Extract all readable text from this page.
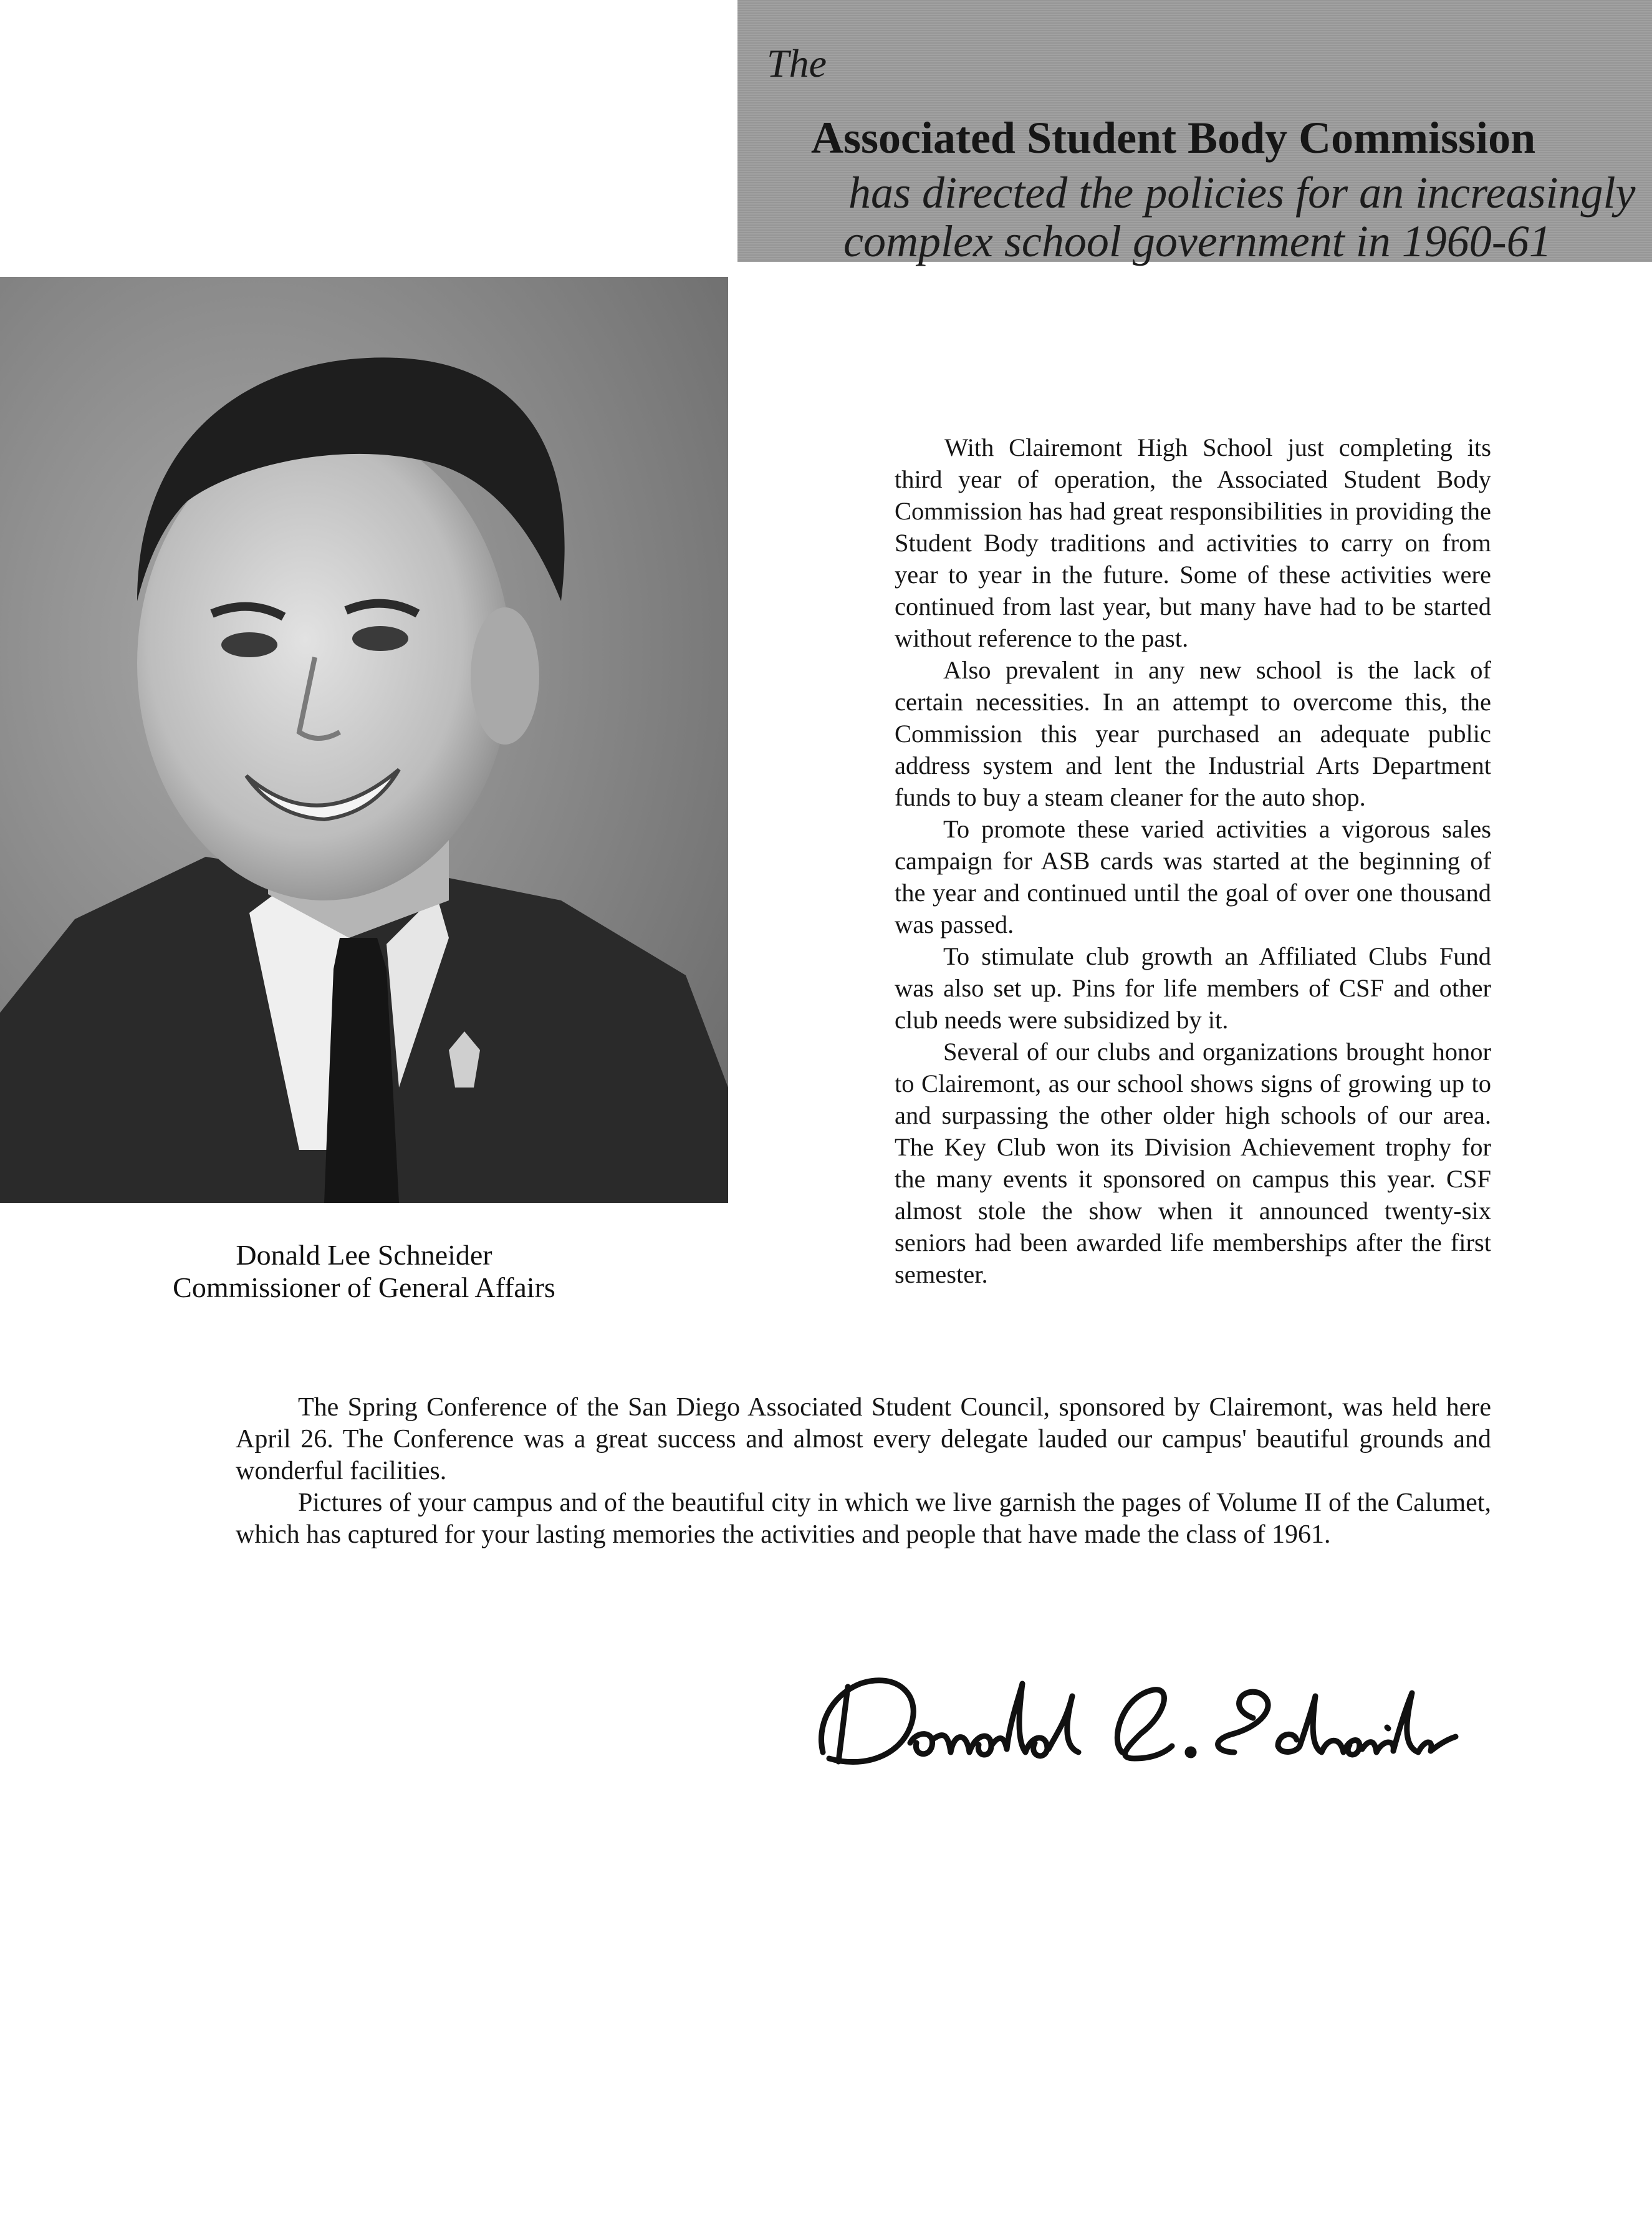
The
Associated Student Body Commission
has directed the policies for an increasingly
complex school government in 1960-61
Donald Lee Schneider
Commissioner of General Affairs

With Clairemont High School just completing its third year of operation, the Associated Student Body Commission has had great responsibilities in providing the Student Body traditions and activities to carry on from year to year in the future. Some of these activities were continued from last year, but many have had to be started without reference to the past.

Also prevalent in any new school is the lack of certain necessities. In an attempt to overcome this, the Commission this year purchased an adequate public address system and lent the Industrial Arts Department funds to buy a steam cleaner for the auto shop.

To promote these varied activities a vigorous sales campaign for ASB cards was started at the beginning of the year and continued until the goal of over one thousand was passed.

To stimulate club growth an Affiliated Clubs Fund was also set up. Pins for life members of CSF and other club needs were subsidized by it.

Several of our clubs and organizations brought honor to Clairemont, as our school shows signs of growing up to and surpassing the other older high schools of our area. The Key Club won its Division Achievement trophy for the many events it sponsored on campus this year. CSF almost stole the show when it announced twenty-six seniors had been awarded life memberships after the first semester.

The Spring Conference of the San Diego Associated Student Council, sponsored by Clairemont, was held here April 26. The Conference was a great success and almost every delegate lauded our campus' beautiful grounds and wonderful facilities.

Pictures of your campus and of the beautiful city in which we live garnish the pages of Volume II of the Calumet, which has captured for your lasting memories the activities and people that have made the class of 1961.
